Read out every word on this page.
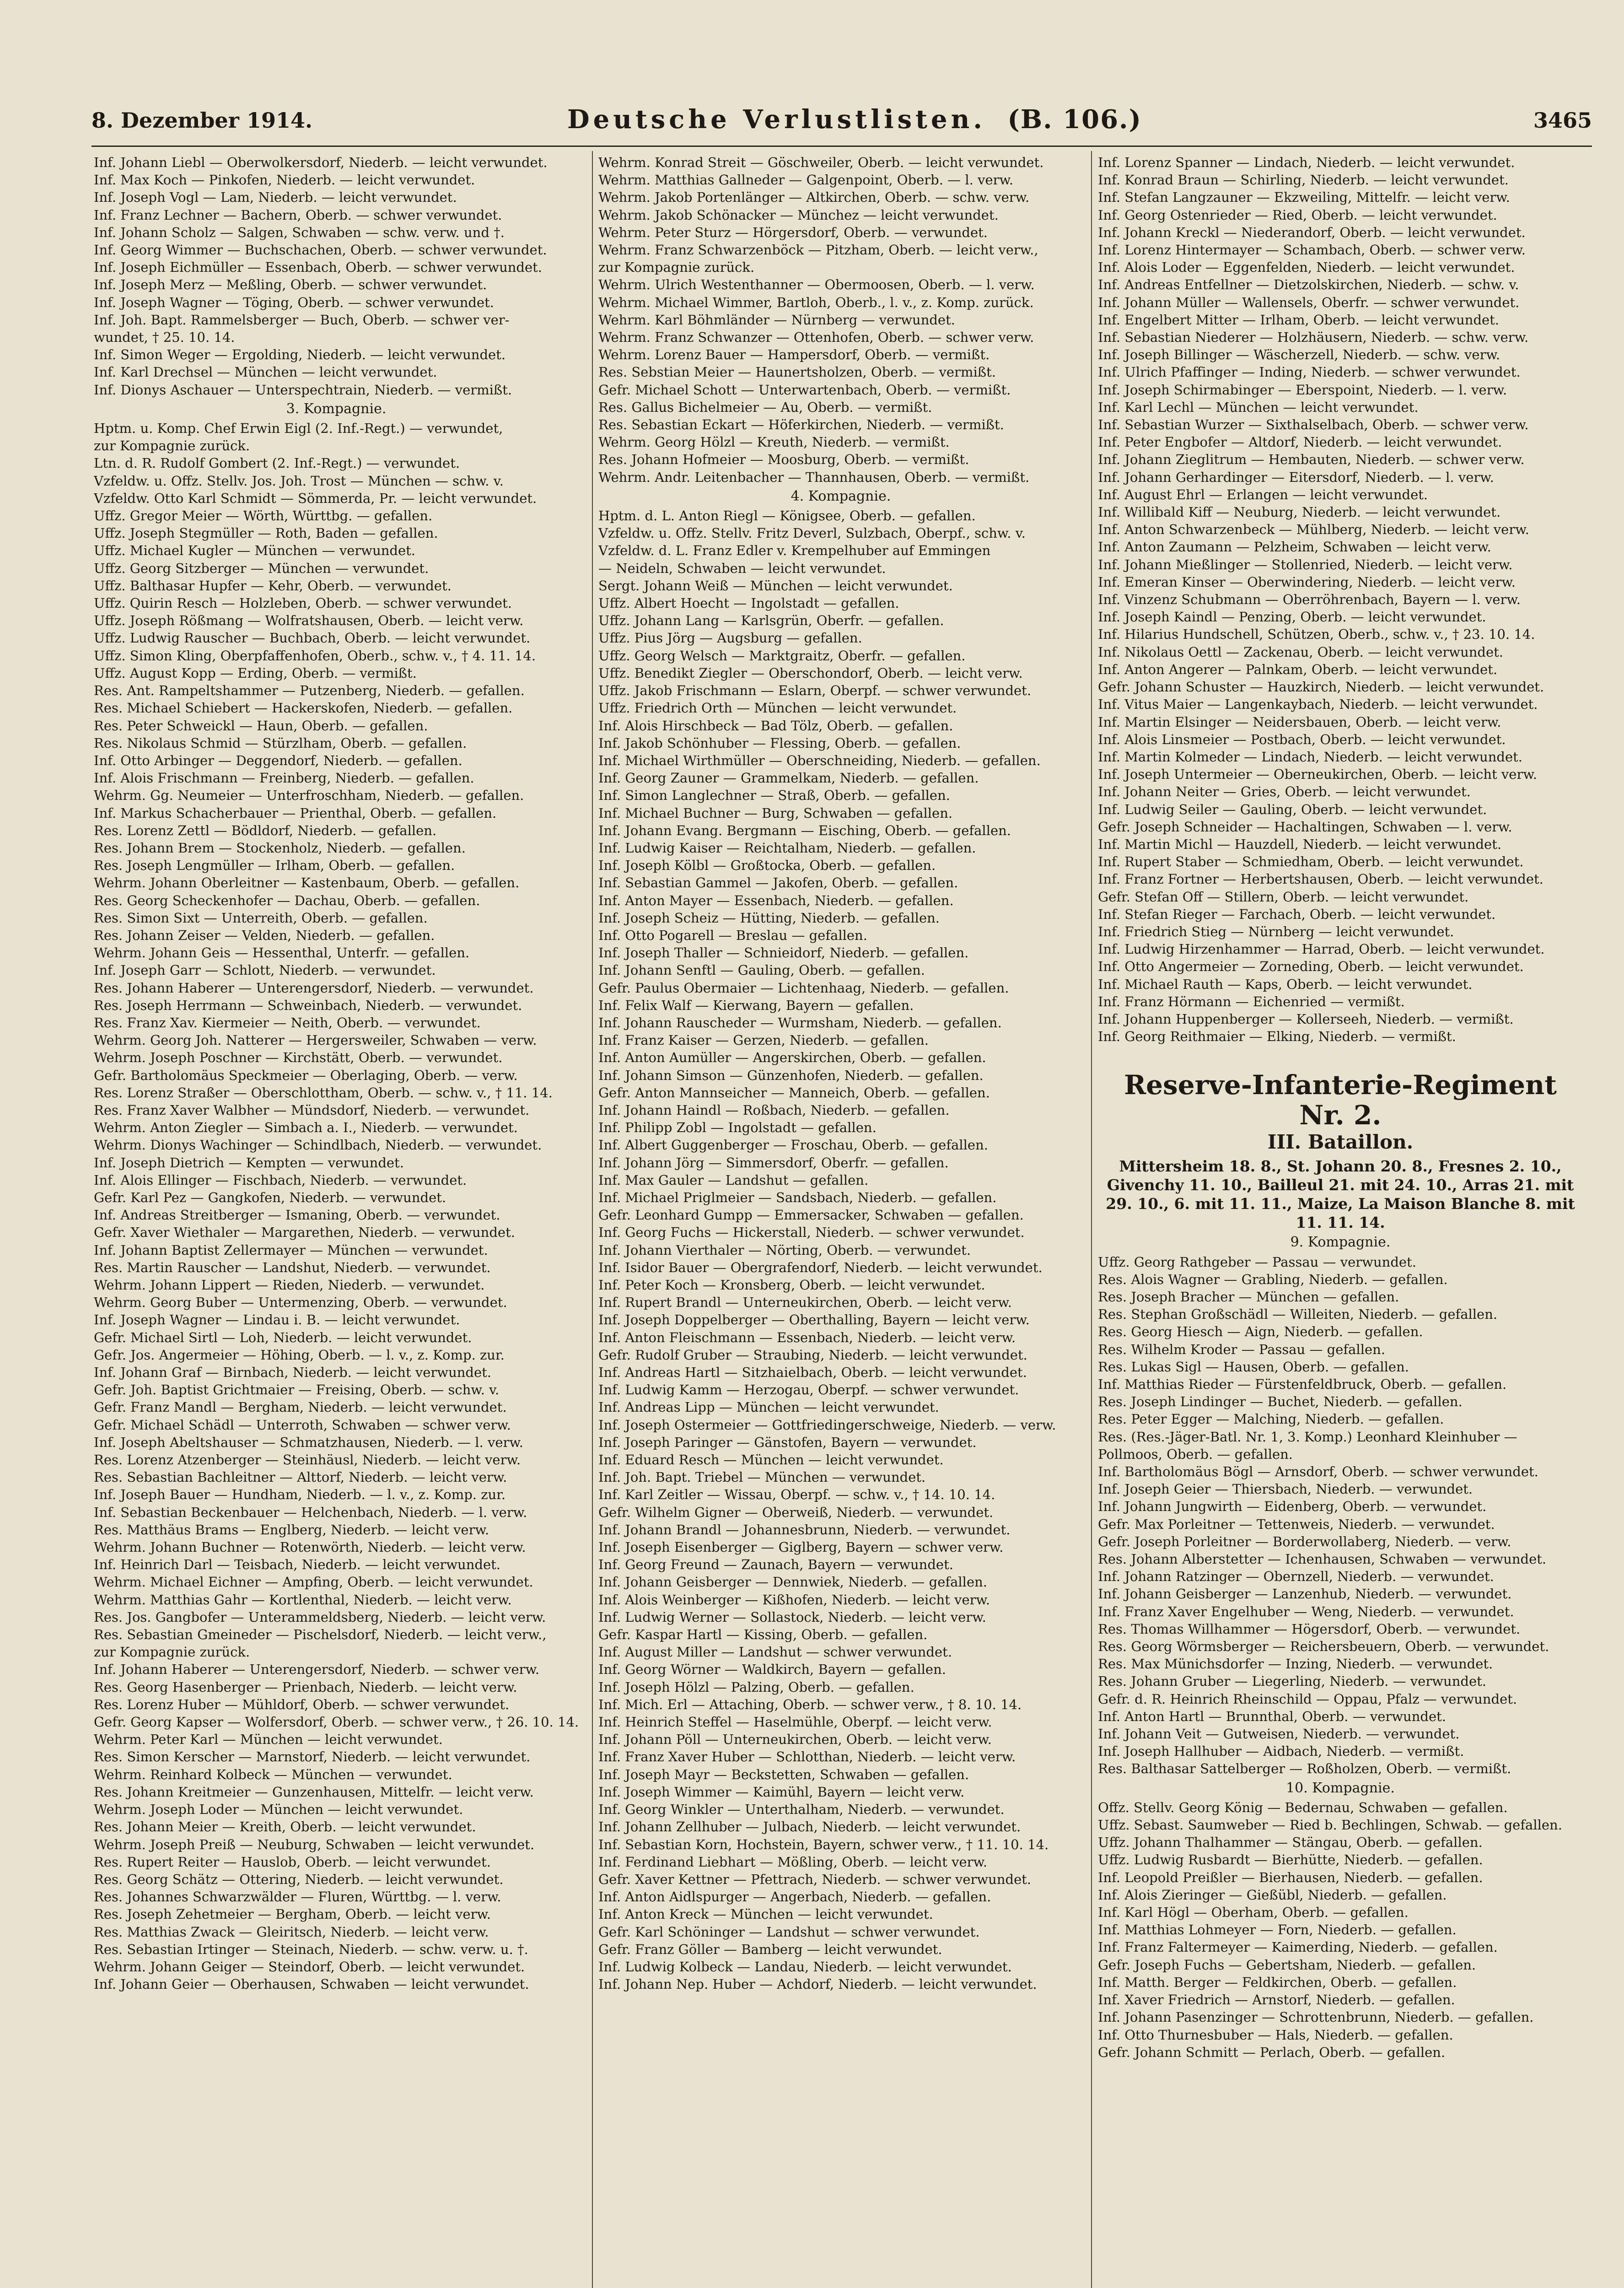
8. Dezember 1914.	Deutsche Verlustlisten. (B. 106.)	3465
Inf. Johann Liebl — Oberwolkersdorf, Niederb. — leicht verwundet.
Inf. Max Koch — Pinkofen, Niederb. — leicht verwundet.
Inf. Joseph Vogl — Lam, Niederb. — leicht verwundet.
Inf. Franz Lechner — Bachern, Oberb. — schwer verwundet.
Inf. Johann Scholz — Salgen, Schwaben — schw. verw. und †.
Inf. Georg Wimmer — Buchschachen, Oberb. — schwer verwundet.
Inf. Joseph Eichmüller — Essenbach, Oberb. — schwer verwundet.
Inf. Joseph Merz — Meßling, Oberb. — schwer verwundet.
Inf. Joseph Wagner — Töging, Oberb. — schwer verwundet.
Inf. Joh. Bapt. Rammelsberger — Buch, Oberb. — schwer ver-
wundet, † 25. 10. 14.
Inf. Simon Weger — Ergolding, Niederb. — leicht verwundet.
Inf. Karl Drechsel — München — leicht verwundet.
Inf. Dionys Aschauer — Unterspechtrain, Niederb. — vermißt.
3. Kompagnie.
Hptm. u. Komp. Chef Erwin Eigl (2. Inf.-Regt.) — verwundet,
zur Kompagnie zurück.
Ltn. d. R. Rudolf Gombert (2. Inf.-Regt.) — verwundet.
Vzfeldw. u. Offz. Stellv. Jos. Joh. Trost — München — schw. v.
Vzfeldw. Otto Karl Schmidt — Sömmerda, Pr. — leicht verwundet.
Uffz. Gregor Meier — Wörth, Württbg. — gefallen.
Uffz. Joseph Stegmüller — Roth, Baden — gefallen.
Uffz. Michael Kugler — München — verwundet.
Uffz. Georg Sitzberger — München — verwundet.
Uffz. Balthasar Hupfer — Kehr, Oberb. — verwundet.
Uffz. Quirin Resch — Holzleben, Oberb. — schwer verwundet.
Uffz. Joseph Rößmang — Wolfratshausen, Oberb. — leicht verw.
Uffz. Ludwig Rauscher — Buchbach, Oberb. — leicht verwundet.
Uffz. Simon Kling, Oberpfaffenhofen, Oberb., schw. v., † 4. 11. 14.
Uffz. August Kopp — Erding, Oberb. — vermißt.
Res. Ant. Rampeltshammer — Putzenberg, Niederb. — gefallen.
Res. Michael Schiebert — Hackerskofen, Niederb. — gefallen.
Res. Peter Schweickl — Haun, Oberb. — gefallen.
Res. Nikolaus Schmid — Stürzlham, Oberb. — gefallen.
Inf. Otto Arbinger — Deggendorf, Niederb. — gefallen.
Inf. Alois Frischmann — Freinberg, Niederb. — gefallen.
Wehrm. Gg. Neumeier — Unterfroschham, Niederb. — gefallen.
Inf. Markus Schacherbauer — Prienthal, Oberb. — gefallen.
Res. Lorenz Zettl — Bödldorf, Niederb. — gefallen.
Res. Johann Brem — Stockenholz, Niederb. — gefallen.
Res. Joseph Lengmüller — Irlham, Oberb. — gefallen.
Wehrm. Johann Oberleitner — Kastenbaum, Oberb. — gefallen.
Res. Georg Scheckenhofer — Dachau, Oberb. — gefallen.
Res. Simon Sixt — Unterreith, Oberb. — gefallen.
Res. Johann Zeiser — Velden, Niederb. — gefallen.
Wehrm. Johann Geis — Hessenthal, Unterfr. — gefallen.
Inf. Joseph Garr — Schlott, Niederb. — verwundet.
Res. Johann Haberer — Unterengersdorf, Niederb. — verwundet.
Res. Joseph Herrmann — Schweinbach, Niederb. — verwundet.
Res. Franz Xav. Kiermeier — Neith, Oberb. — verwundet.
Wehrm. Georg Joh. Natterer — Hergersweiler, Schwaben — verw.
Wehrm. Joseph Poschner — Kirchstätt, Oberb. — verwundet.
Gefr. Bartholomäus Speckmeier — Oberlaging, Oberb. — verw.
Res. Lorenz Straßer — Oberschlottham, Oberb. — schw. v., † 11. 14.
Res. Franz Xaver Walbher — Mündsdorf, Niederb. — verwundet.
Wehrm. Anton Ziegler — Simbach a. I., Niederb. — verwundet.
Wehrm. Dionys Wachinger — Schindlbach, Niederb. — verwundet.
Inf. Joseph Dietrich — Kempten — verwundet.
Inf. Alois Ellinger — Fischbach, Niederb. — verwundet.
Gefr. Karl Pez — Gangkofen, Niederb. — verwundet.
Inf. Andreas Streitberger — Ismaning, Oberb. — verwundet.
Gefr. Xaver Wiethaler — Margarethen, Niederb. — verwundet.
Inf. Johann Baptist Zellermayer — München — verwundet.
Res. Martin Rauscher — Landshut, Niederb. — verwundet.
Wehrm. Johann Lippert — Rieden, Niederb. — verwundet.
Wehrm. Georg Buber — Untermenzing, Oberb. — verwundet.
Inf. Joseph Wagner — Lindau i. B. — leicht verwundet.
Gefr. Michael Sirtl — Loh, Niederb. — leicht verwundet.
Gefr. Jos. Angermeier — Höhing, Oberb. — l. v., z. Komp. zur.
Inf. Johann Graf — Birnbach, Niederb. — leicht verwundet.
Gefr. Joh. Baptist Grichtmaier — Freising, Oberb. — schw. v.
Gefr. Franz Mandl — Bergham, Niederb. — leicht verwundet.
Gefr. Michael Schädl — Unterroth, Schwaben — schwer verw.
Inf. Joseph Abeltshauser — Schmatzhausen, Niederb. — l. verw.
Res. Lorenz Atzenberger — Steinhäusl, Niederb. — leicht verw.
Res. Sebastian Bachleitner — Alttorf, Niederb. — leicht verw.
Inf. Joseph Bauer — Hundham, Niederb. — l. v., z. Komp. zur.
Inf. Sebastian Beckenbauer — Helchenbach, Niederb. — l. verw.
Res. Matthäus Brams — Englberg, Niederb. — leicht verw.
Wehrm. Johann Buchner — Rotenwörth, Niederb. — leicht verw.
Inf. Heinrich Darl — Teisbach, Niederb. — leicht verwundet.
Wehrm. Michael Eichner — Ampfing, Oberb. — leicht verwundet.
Wehrm. Matthias Gahr — Kortlenthal, Niederb. — leicht verw.
Res. Jos. Gangbofer — Unterammeldsberg, Niederb. — leicht verw.
Res. Sebastian Gmeineder — Pischelsdorf, Niederb. — leicht verw.,
zur Kompagnie zurück.
Inf. Johann Haberer — Unterengersdorf, Niederb. — schwer verw.
Res. Georg Hasenberger — Prienbach, Niederb. — leicht verw.
Res. Lorenz Huber — Mühldorf, Oberb. — schwer verwundet.
Gefr. Georg Kapser — Wolfersdorf, Oberb. — schwer verw., † 26. 10. 14.
Wehrm. Peter Karl — München — leicht verwundet.
Res. Simon Kerscher — Marnstorf, Niederb. — leicht verwundet.
Wehrm. Reinhard Kolbeck — München — verwundet.
Res. Johann Kreitmeier — Gunzenhausen, Mittelfr. — leicht verw.
Wehrm. Joseph Loder — München — leicht verwundet.
Res. Johann Meier — Kreith, Oberb. — leicht verwundet.
Wehrm. Joseph Preiß — Neuburg, Schwaben — leicht verwundet.
Res. Rupert Reiter — Hauslob, Oberb. — leicht verwundet.
Res. Georg Schätz — Ottering, Niederb. — leicht verwundet.
Res. Johannes Schwarzwälder — Fluren, Württbg. — l. verw.
Res. Joseph Zehetmeier — Bergham, Oberb. — leicht verw.
Res. Matthias Zwack — Gleiritsch, Niederb. — leicht verw.
Res. Sebastian Irtinger — Steinach, Niederb. — schw. verw. u. †.
Wehrm. Johann Geiger — Steindorf, Oberb. — leicht verwundet.
Inf. Johann Geier — Oberhausen, Schwaben — leicht verwundet.
Wehrm. Konrad Streit — Göschweiler, Oberb. — leicht verwundet.
Wehrm. Matthias Gallneder — Galgenpoint, Oberb. — l. verw.
Wehrm. Jakob Portenlänger — Altkirchen, Oberb. — schw. verw.
Wehrm. Jakob Schönacker — Münchez — leicht verwundet.
Wehrm. Peter Sturz — Hörgersdorf, Oberb. — verwundet.
Wehrm. Franz Schwarzenböck — Pitzham, Oberb. — leicht verw.,
zur Kompagnie zurück.
Wehrm. Ulrich Westenthanner — Obermoosen, Oberb. — l. verw.
Wehrm. Michael Wimmer, Bartloh, Oberb., l. v., z. Komp. zurück.
Wehrm. Karl Böhmländer — Nürnberg — verwundet.
Wehrm. Franz Schwanzer — Ottenhofen, Oberb. — schwer verw.
Wehrm. Lorenz Bauer — Hampersdorf, Oberb. — vermißt.
Res. Sebstian Meier — Haunertsholzen, Oberb. — vermißt.
Gefr. Michael Schott — Unterwartenbach, Oberb. — vermißt.
Res. Gallus Bichelmeier — Au, Oberb. — vermißt.
Res. Sebastian Eckart — Höferkirchen, Niederb. — vermißt.
Wehrm. Georg Hölzl — Kreuth, Niederb. — vermißt.
Res. Johann Hofmeier — Moosburg, Oberb. — vermißt.
Wehrm. Andr. Leitenbacher — Thannhausen, Oberb. — vermißt.
4. Kompagnie.
Hptm. d. L. Anton Riegl — Königsee, Oberb. — gefallen.
Vzfeldw. u. Offz. Stellv. Fritz Deverl, Sulzbach, Oberpf., schw. v.
Vzfeldw. d. L. Franz Edler v. Krempelhuber auf Emmingen
— Neideln, Schwaben — leicht verwundet.
Sergt. Johann Weiß — München — leicht verwundet.
Uffz. Albert Hoecht — Ingolstadt — gefallen.
Uffz. Johann Lang — Karlsgrün, Oberfr. — gefallen.
Uffz. Pius Jörg — Augsburg — gefallen.
Uffz. Georg Welsch — Marktgraitz, Oberfr. — gefallen.
Uffz. Benedikt Ziegler — Oberschondorf, Oberb. — leicht verw.
Uffz. Jakob Frischmann — Eslarn, Oberpf. — schwer verwundet.
Uffz. Friedrich Orth — München — leicht verwundet.
Inf. Alois Hirschbeck — Bad Tölz, Oberb. — gefallen.
Inf. Jakob Schönhuber — Flessing, Oberb. — gefallen.
Inf. Michael Wirthmüller — Oberschneiding, Niederb. — gefallen.
Inf. Georg Zauner — Grammelkam, Niederb. — gefallen.
Inf. Simon Langlechner — Straß, Oberb. — gefallen.
Inf. Michael Buchner — Burg, Schwaben — gefallen.
Inf. Johann Evang. Bergmann — Eisching, Oberb. — gefallen.
Inf. Ludwig Kaiser — Reichtalham, Niederb. — gefallen.
Inf. Joseph Kölbl — Großtocka, Oberb. — gefallen.
Inf. Sebastian Gammel — Jakofen, Oberb. — gefallen.
Inf. Anton Mayer — Essenbach, Niederb. — gefallen.
Inf. Joseph Scheiz — Hütting, Niederb. — gefallen.
Inf. Otto Pogarell — Breslau — gefallen.
Inf. Joseph Thaller — Schnieidorf, Niederb. — gefallen.
Inf. Johann Senftl — Gauling, Oberb. — gefallen.
Gefr. Paulus Obermaier — Lichtenhaag, Niederb. — gefallen.
Inf. Felix Walf — Kierwang, Bayern — gefallen.
Inf. Johann Rauscheder — Wurmsham, Niederb. — gefallen.
Inf. Franz Kaiser — Gerzen, Niederb. — gefallen.
Inf. Anton Aumüller — Angerskirchen, Oberb. — gefallen.
Inf. Johann Simson — Günzenhofen, Niederb. — gefallen.
Gefr. Anton Mannseicher — Manneich, Oberb. — gefallen.
Inf. Johann Haindl — Roßbach, Niederb. — gefallen.
Inf. Philipp Zobl — Ingolstadt — gefallen.
Inf. Albert Guggenberger — Froschau, Oberb. — gefallen.
Inf. Johann Jörg — Simmersdorf, Oberfr. — gefallen.
Inf. Max Gauler — Landshut — gefallen.
Inf. Michael Priglmeier — Sandsbach, Niederb. — gefallen.
Gefr. Leonhard Gumpp — Emmersacker, Schwaben — gefallen.
Inf. Georg Fuchs — Hickerstall, Niederb. — schwer verwundet.
Inf. Johann Vierthaler — Nörting, Oberb. — verwundet.
Inf. Isidor Bauer — Obergrafendorf, Niederb. — leicht verwundet.
Inf. Peter Koch — Kronsberg, Oberb. — leicht verwundet.
Inf. Rupert Brandl — Unterneukirchen, Oberb. — leicht verw.
Inf. Joseph Doppelberger — Oberthalling, Bayern — leicht verw.
Inf. Anton Fleischmann — Essenbach, Niederb. — leicht verw.
Gefr. Rudolf Gruber — Straubing, Niederb. — leicht verwundet.
Inf. Andreas Hartl — Sitzhaielbach, Oberb. — leicht verwundet.
Inf. Ludwig Kamm — Herzogau, Oberpf. — schwer verwundet.
Inf. Andreas Lipp — München — leicht verwundet.
Inf. Joseph Ostermeier — Gottfriedingerschweige, Niederb. — verw.
Inf. Joseph Paringer — Gänstofen, Bayern — verwundet.
Inf. Eduard Resch — München — leicht verwundet.
Inf. Joh. Bapt. Triebel — München — verwundet.
Inf. Karl Zeitler — Wissau, Oberpf. — schw. v., † 14. 10. 14.
Gefr. Wilhelm Gigner — Oberweiß, Niederb. — verwundet.
Inf. Johann Brandl — Johannesbrunn, Niederb. — verwundet.
Inf. Joseph Eisenberger — Giglberg, Bayern — schwer verw.
Inf. Georg Freund — Zaunach, Bayern — verwundet.
Inf. Johann Geisberger — Dennwiek, Niederb. — gefallen.
Inf. Alois Weinberger — Kißhofen, Niederb. — leicht verw.
Inf. Ludwig Werner — Sollastock, Niederb. — leicht verw.
Gefr. Kaspar Hartl — Kissing, Oberb. — gefallen.
Inf. August Miller — Landshut — schwer verwundet.
Inf. Georg Wörner — Waldkirch, Bayern — gefallen.
Inf. Joseph Hölzl — Palzing, Oberb. — gefallen.
Inf. Mich. Erl — Attaching, Oberb. — schwer verw., † 8. 10. 14.
Inf. Heinrich Steffel — Haselmühle, Oberpf. — leicht verw.
Inf. Johann Pöll — Unterneukirchen, Oberb. — leicht verw.
Inf. Franz Xaver Huber — Schlotthan, Niederb. — leicht verw.
Inf. Joseph Mayr — Beckstetten, Schwaben — gefallen.
Inf. Joseph Wimmer — Kaimühl, Bayern — leicht verw.
Inf. Georg Winkler — Unterthalham, Niederb. — verwundet.
Inf. Johann Zellhuber — Julbach, Niederb. — leicht verwundet.
Inf. Sebastian Korn, Hochstein, Bayern, schwer verw., † 11. 10. 14.
Inf. Ferdinand Liebhart — Mößling, Oberb. — leicht verw.
Gefr. Xaver Kettner — Pfettrach, Niederb. — schwer verwundet.
Inf. Anton Aidlspurger — Angerbach, Niederb. — gefallen.
Inf. Anton Kreck — München — leicht verwundet.
Gefr. Karl Schöninger — Landshut — schwer verwundet.
Gefr. Franz Göller — Bamberg — leicht verwundet.
Inf. Ludwig Kolbeck — Landau, Niederb. — leicht verwundet.
Inf. Johann Nep. Huber — Achdorf, Niederb. — leicht verwundet.
Inf. Lorenz Spanner — Lindach, Niederb. — leicht verwundet.
Inf. Konrad Braun — Schirling, Niederb. — leicht verwundet.
Inf. Stefan Langzauner — Ekzweiling, Mittelfr. — leicht verw.
Inf. Georg Ostenrieder — Ried, Oberb. — leicht verwundet.
Inf. Johann Kreckl — Niederandorf, Oberb. — leicht verwundet.
Inf. Lorenz Hintermayer — Schambach, Oberb. — schwer verw.
Inf. Alois Loder — Eggenfelden, Niederb. — leicht verwundet.
Inf. Andreas Entfellner — Dietzolskirchen, Niederb. — schw. v.
Inf. Johann Müller — Wallensels, Oberfr. — schwer verwundet.
Inf. Engelbert Mitter — Irlham, Oberb. — leicht verwundet.
Inf. Sebastian Niederer — Holzhäusern, Niederb. — schw. verw.
Inf. Joseph Billinger — Wäscherzell, Niederb. — schw. verw.
Inf. Ulrich Pfaffinger — Inding, Niederb. — schwer verwundet.
Inf. Joseph Schirmabinger — Eberspoint, Niederb. — l. verw.
Inf. Karl Lechl — München — leicht verwundet.
Inf. Sebastian Wurzer — Sixthalselbach, Oberb. — schwer verw.
Inf. Peter Engbofer — Altdorf, Niederb. — leicht verwundet.
Inf. Johann Zieglitrum — Hembauten, Niederb. — schwer verw.
Inf. Johann Gerhardinger — Eitersdorf, Niederb. — l. verw.
Inf. August Ehrl — Erlangen — leicht verwundet.
Inf. Willibald Kiff — Neuburg, Niederb. — leicht verwundet.
Inf. Anton Schwarzenbeck — Mühlberg, Niederb. — leicht verw.
Inf. Anton Zaumann — Pelzheim, Schwaben — leicht verw.
Inf. Johann Mießlinger — Stollenried, Niederb. — leicht verw.
Inf. Emeran Kinser — Oberwindering, Niederb. — leicht verw.
Inf. Vinzenz Schubmann — Oberröhrenbach, Bayern — l. verw.
Inf. Joseph Kaindl — Penzing, Oberb. — leicht verwundet.
Inf. Hilarius Hundschell, Schützen, Oberb., schw. v., † 23. 10. 14.
Inf. Nikolaus Oettl — Zackenau, Oberb. — leicht verwundet.
Inf. Anton Angerer — Palnkam, Oberb. — leicht verwundet.
Gefr. Johann Schuster — Hauzkirch, Niederb. — leicht verwundet.
Inf. Vitus Maier — Langenkaybach, Niederb. — leicht verwundet.
Inf. Martin Elsinger — Neidersbauen, Oberb. — leicht verw.
Inf. Alois Linsmeier — Postbach, Oberb. — leicht verwundet.
Inf. Martin Kolmeder — Lindach, Niederb. — leicht verwundet.
Inf. Joseph Untermeier — Oberneukirchen, Oberb. — leicht verw.
Inf. Johann Neiter — Gries, Oberb. — leicht verwundet.
Inf. Ludwig Seiler — Gauling, Oberb. — leicht verwundet.
Gefr. Joseph Schneider — Hachaltingen, Schwaben — l. verw.
Inf. Martin Michl — Hauzdell, Niederb. — leicht verwundet.
Inf. Rupert Staber — Schmiedham, Oberb. — leicht verwundet.
Inf. Franz Fortner — Herbertshausen, Oberb. — leicht verwundet.
Gefr. Stefan Off — Stillern, Oberb. — leicht verwundet.
Inf. Stefan Rieger — Farchach, Oberb. — leicht verwundet.
Inf. Friedrich Stieg — Nürnberg — leicht verwundet.
Inf. Ludwig Hirzenhammer — Harrad, Oberb. — leicht verwundet.
Inf. Otto Angermeier — Zorneding, Oberb. — leicht verwundet.
Inf. Michael Rauth — Kaps, Oberb. — leicht verwundet.
Inf. Franz Hörmann — Eichenried — vermißt.
Inf. Johann Huppenberger — Kollerseeh, Niederb. — vermißt.
Inf. Georg Reithmaier — Elking, Niederb. — vermißt.
Reserve-Infanterie-Regiment Nr. 2.
III. Bataillon.
Mittersheim 18. 8., St. Johann 20. 8., Fresnes 2. 10., Givenchy 11. 10., Bailleul 21. mit 24. 10., Arras 21. mit 29. 10., 6. mit 11. 11., Maize, La Maison Blanche 8. mit 11. 11. 14.
9. Kompagnie.
Uffz. Georg Rathgeber — Passau — verwundet.
Res. Alois Wagner — Grabling, Niederb. — gefallen.
Res. Joseph Bracher — München — gefallen.
Res. Stephan Großschädl — Willeiten, Niederb. — gefallen.
Res. Georg Hiesch — Aign, Niederb. — gefallen.
Res. Wilhelm Kroder — Passau — gefallen.
Res. Lukas Sigl — Hausen, Oberb. — gefallen.
Inf. Matthias Rieder — Fürstenfeldbruck, Oberb. — gefallen.
Res. Joseph Lindinger — Buchet, Niederb. — gefallen.
Res. Peter Egger — Malching, Niederb. — gefallen.
Res. (Res.-Jäger-Batl. Nr. 1, 3. Komp.) Leonhard Kleinhuber —
Pollmoos, Oberb. — gefallen.
Inf. Bartholomäus Bögl — Arnsdorf, Oberb. — schwer verwundet.
Inf. Joseph Geier — Thiersbach, Niederb. — verwundet.
Inf. Johann Jungwirth — Eidenberg, Oberb. — verwundet.
Gefr. Max Porleitner — Tettenweis, Niederb. — verwundet.
Gefr. Joseph Porleitner — Borderwollaberg, Niederb. — verw.
Res. Johann Alberstetter — Ichenhausen, Schwaben — verwundet.
Inf. Johann Ratzinger — Obernzell, Niederb. — verwundet.
Inf. Johann Geisberger — Lanzenhub, Niederb. — verwundet.
Inf. Franz Xaver Engelhuber — Weng, Niederb. — verwundet.
Res. Thomas Willhammer — Högersdorf, Oberb. — verwundet.
Res. Georg Wörmsberger — Reichersbeuern, Oberb. — verwundet.
Res. Max Münichsdorfer — Inzing, Niederb. — verwundet.
Res. Johann Gruber — Liegerling, Niederb. — verwundet.
Gefr. d. R. Heinrich Rheinschild — Oppau, Pfalz — verwundet.
Inf. Anton Hartl — Brunnthal, Oberb. — verwundet.
Inf. Johann Veit — Gutweisen, Niederb. — verwundet.
Inf. Joseph Hallhuber — Aidbach, Niederb. — vermißt.
Res. Balthasar Sattelberger — Roßholzen, Oberb. — vermißt.
10. Kompagnie.
Offz. Stellv. Georg König — Bedernau, Schwaben — gefallen.
Uffz. Sebast. Saumweber — Ried b. Bechlingen, Schwab. — gefallen.
Uffz. Johann Thalhammer — Stängau, Oberb. — gefallen.
Uffz. Ludwig Rusbardt — Bierhütte, Niederb. — gefallen.
Inf. Leopold Preißler — Bierhausen, Niederb. — gefallen.
Inf. Alois Zieringer — Gießübl, Niederb. — gefallen.
Inf. Karl Högl — Oberham, Oberb. — gefallen.
Inf. Matthias Lohmeyer — Forn, Niederb. — gefallen.
Inf. Franz Faltermeyer — Kaimerding, Niederb. — gefallen.
Gefr. Joseph Fuchs — Gebertsham, Niederb. — gefallen.
Inf. Matth. Berger — Feldkirchen, Oberb. — gefallen.
Inf. Xaver Friedrich — Arnstorf, Niederb. — gefallen.
Inf. Johann Pasenzinger — Schrottenbrunn, Niederb. — gefallen.
Inf. Otto Thurnesbuber — Hals, Niederb. — gefallen.
Gefr. Johann Schmitt — Perlach, Oberb. — gefallen.
